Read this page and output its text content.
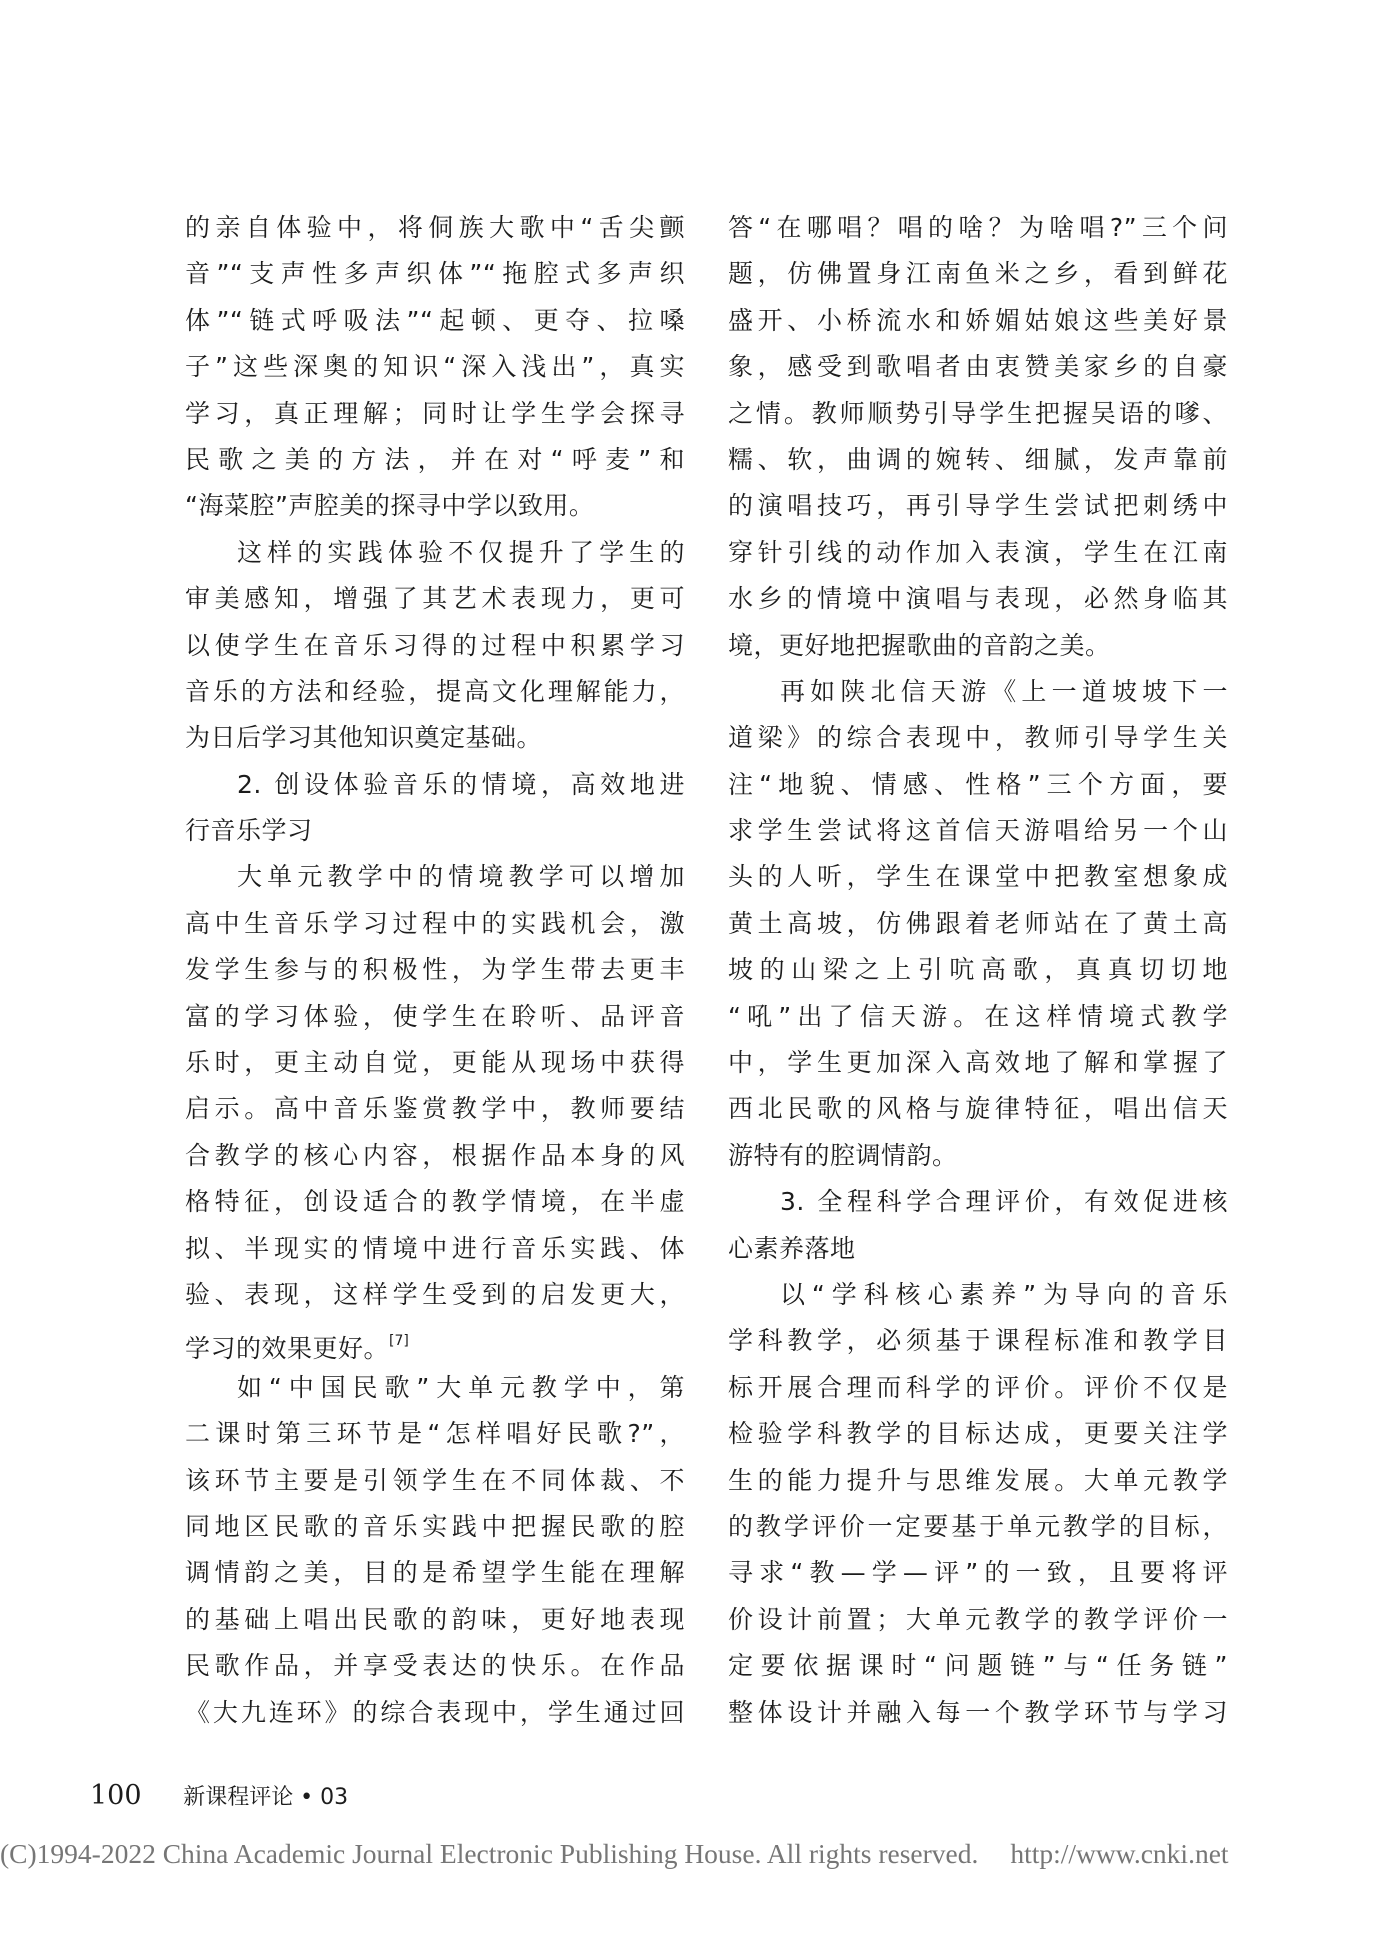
的亲自体验中，将侗族大歌中“舌尖颤
音”“支声性多声织体”“拖腔式多声织
体”“链式呼吸法”“起顿、更夺、拉嗓
子”这些深奥的知识“深入浅出”，真实
学习，真正理解；同时让学生学会探寻
民歌之美的方法，并在对“呼麦”和
“海菜腔”声腔美的探寻中学以致用。
这样的实践体验不仅提升了学生的
审美感知，增强了其艺术表现力，更可
以使学生在音乐习得的过程中积累学习
音乐的方法和经验，提高文化理解能力，
为日后学习其他知识奠定基础。
2. 创设体验音乐的情境，高效地进
行音乐学习
大单元教学中的情境教学可以增加
高中生音乐学习过程中的实践机会，激
发学生参与的积极性，为学生带去更丰
富的学习体验，使学生在聆听、品评音
乐时，更主动自觉，更能从现场中获得
启示。高中音乐鉴赏教学中，教师要结
合教学的核心内容，根据作品本身的风
格特征，创设适合的教学情境，在半虚
拟、半现实的情境中进行音乐实践、体
验、表现，这样学生受到的启发更大，
学习的效果更好。[7]
如“中国民歌”大单元教学中，第
二课时第三环节是“怎样唱好民歌?”，
该环节主要是引领学生在不同体裁、不
同地区民歌的音乐实践中把握民歌的腔
调情韵之美，目的是希望学生能在理解
的基础上唱出民歌的韵味，更好地表现
民歌作品，并享受表达的快乐。在作品
《大九连环》的综合表现中，学生通过回
答“在哪唱？唱的啥？为啥唱?”三个问
题，仿佛置身江南鱼米之乡，看到鲜花
盛开、小桥流水和娇媚姑娘这些美好景
象，感受到歌唱者由衷赞美家乡的自豪
之情。教师顺势引导学生把握吴语的嗲、
糯、软，曲调的婉转、细腻，发声靠前
的演唱技巧，再引导学生尝试把刺绣中
穿针引线的动作加入表演，学生在江南
水乡的情境中演唱与表现，必然身临其
境，更好地把握歌曲的音韵之美。
再如陕北信天游《上一道坡坡下一
道梁》的综合表现中，教师引导学生关
注“地貌、情感、性格”三个方面，要
求学生尝试将这首信天游唱给另一个山
头的人听，学生在课堂中把教室想象成
黄土高坡，仿佛跟着老师站在了黄土高
坡的山梁之上引吭高歌，真真切切地
“吼”出了信天游。在这样情境式教学
中，学生更加深入高效地了解和掌握了
西北民歌的风格与旋律特征，唱出信天
游特有的腔调情韵。
3. 全程科学合理评价，有效促进核
心素养落地
以“学科核心素养”为导向的音乐
学科教学，必须基于课程标准和教学目
标开展合理而科学的评价。评价不仅是
检验学科教学的目标达成，更要关注学
生的能力提升与思维发展。大单元教学
的教学评价一定要基于单元教学的目标，
寻求“教—学—评”的一致，且要将评
价设计前置；大单元教学的教学评价一
定要依据课时“问题链”与“任务链”
整体设计并融入每一个教学环节与学习
100 新课程评论 • 03
(C)1994-2022 China Academic Journal Electronic Publishing House. All rights reserved. http://www.cnki.net
